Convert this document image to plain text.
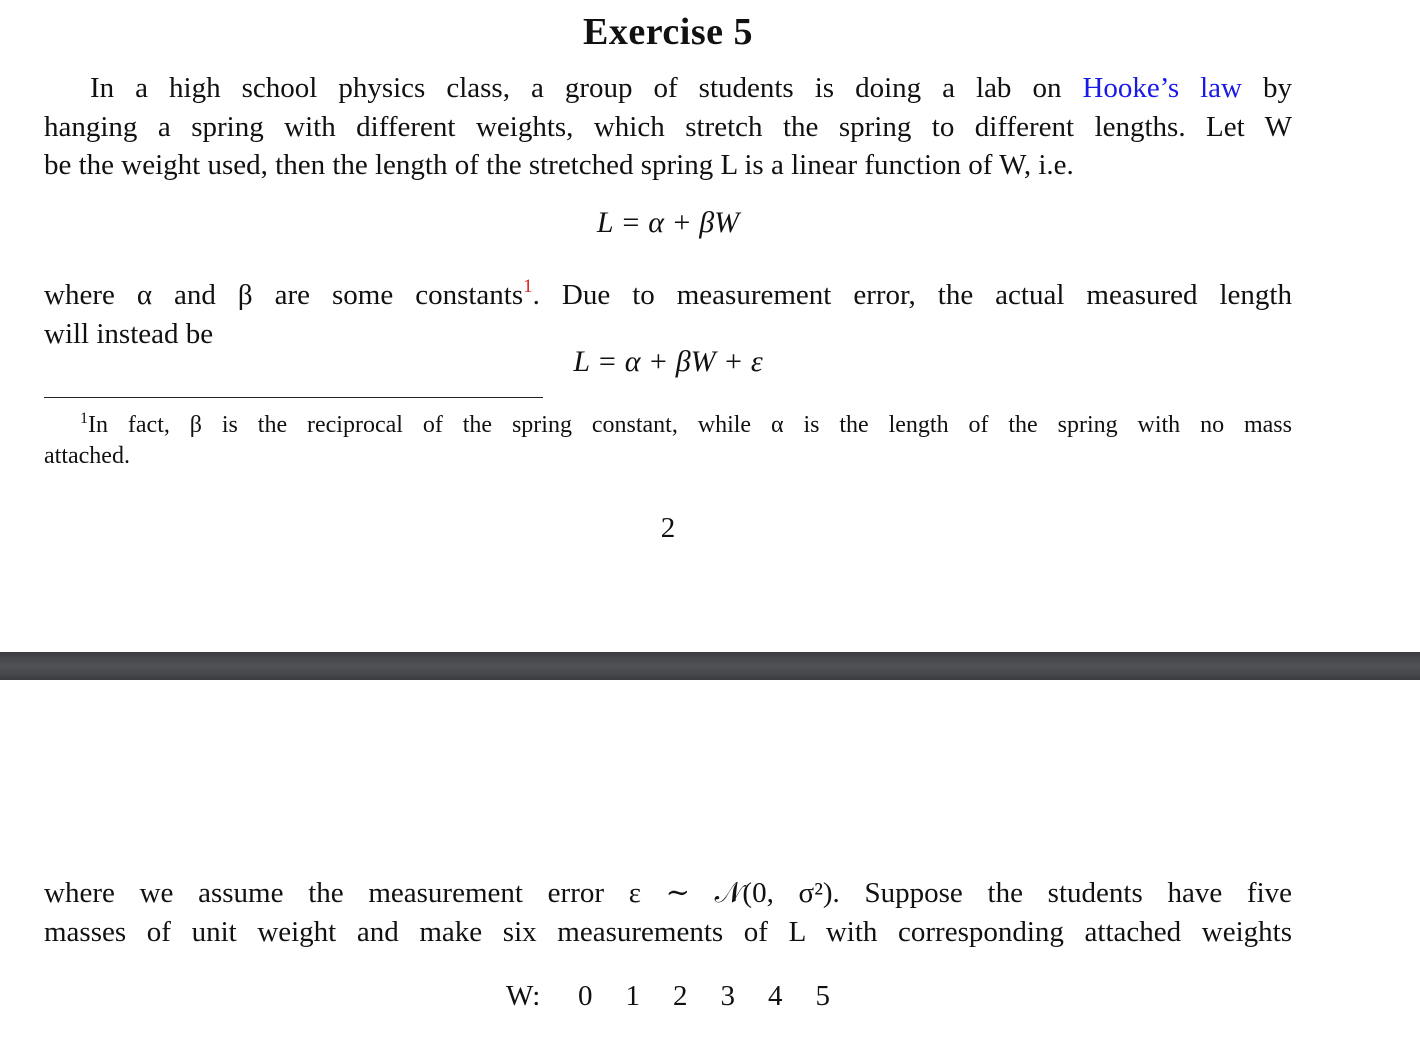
Exercise 5

In a high school physics class, a group of students is doing a lab on Hooke’s law by
hanging a spring with different weights, which stretch the spring to different lengths. Let W
be the weight used, then the length of the stretched spring L is a linear function of W, i.e.

L = α + βW

where α and β are some constants$^1$. Due to measurement error, the actual measured length
will instead be

L = α + βW + ε

$^1$In fact, β is the reciprocal of the spring constant, while α is the length of the spring with no mass
attached.

2

where we assume the measurement error ε ∼ 𝒩(0, σ²). Suppose the students have five
masses of unit weight and make six measurements of L with corresponding attached weights

W: 0 1 2 3 4 5
